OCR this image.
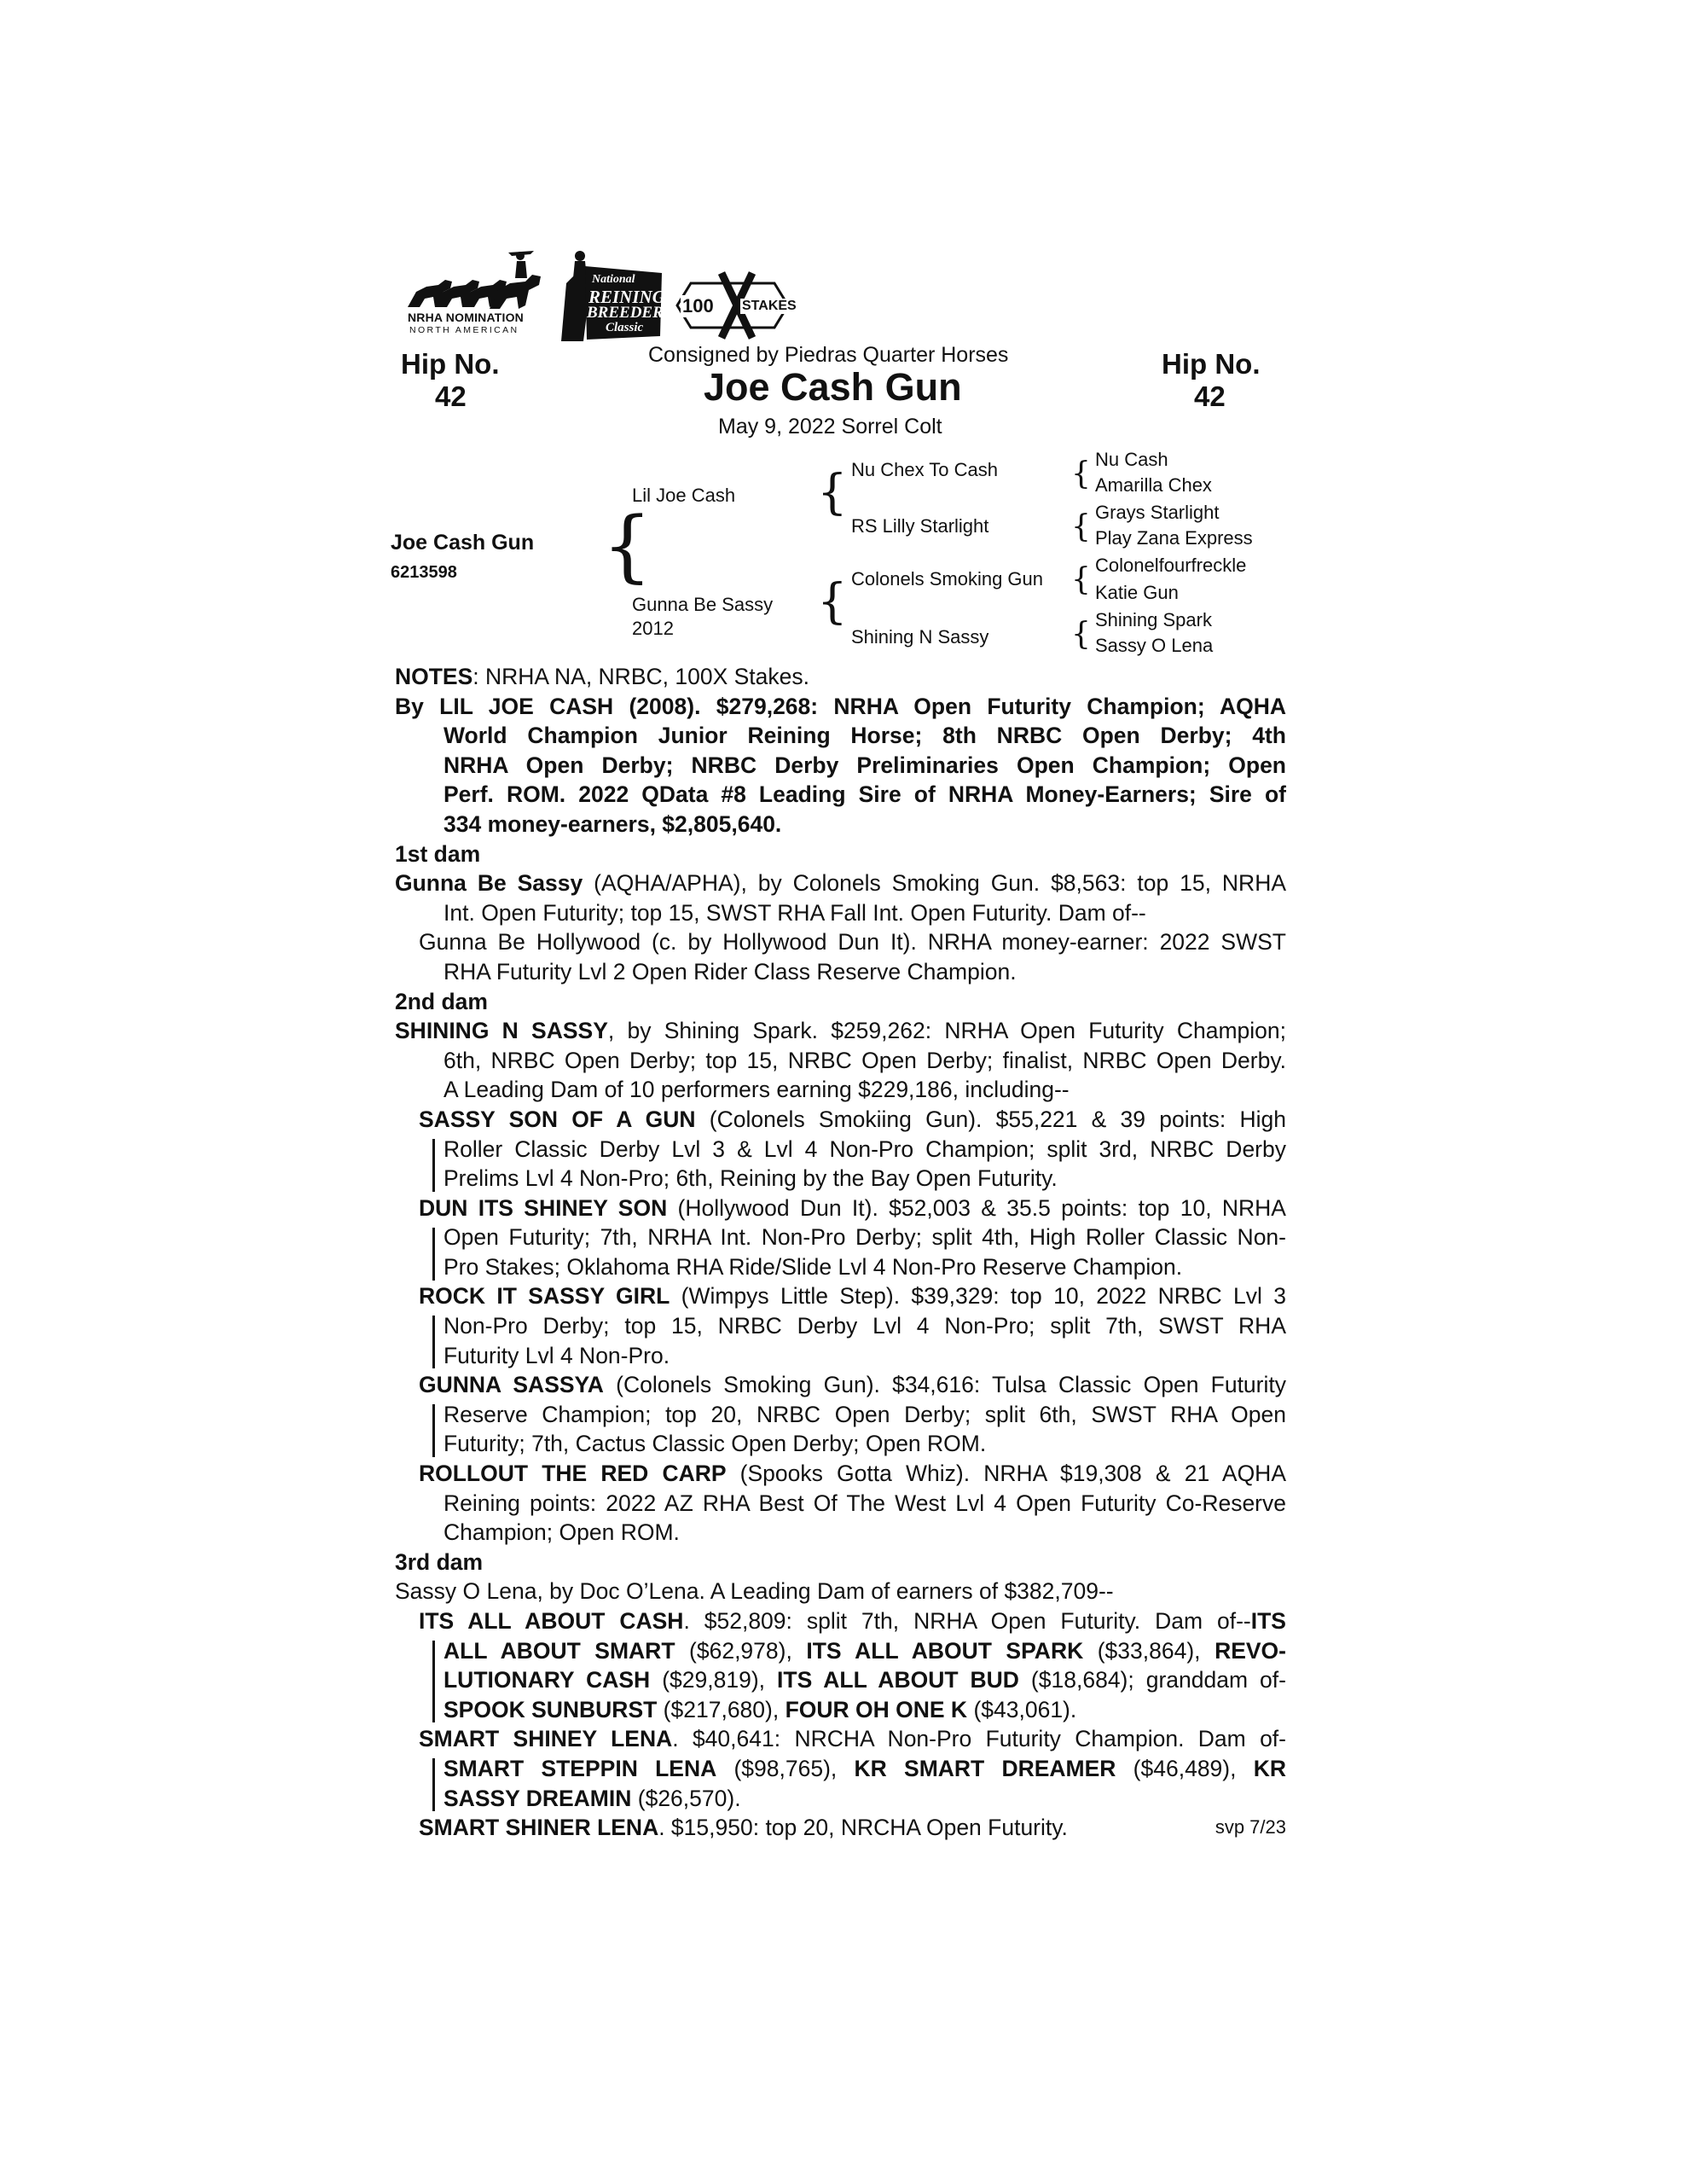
NRHA NOMINATION
NORTH AMERICAN
National
REINING
BREEDERS
Classic
100 STAKES
Hip No.
42
Hip No.
42
Consigned by Piedras Quarter Horses
Joe Cash Gun
May 9, 2022 Sorrel Colt
Joe Cash Gun
6213598 {
Lil Joe Cash
Gunna Be Sassy
2012
{
{
Nu Chex To Cash
RS Lilly Starlight
Colonels Smoking Gun
Shining N Sassy
{
{
{
{
Nu Cash
Amarilla Chex
Grays Starlight
Play Zana Express
Colonelfourfreckle
Katie Gun
Shining Spark
Sassy O Lena
NOTES: NRHA NA, NRBC, 100X Stakes.
By LIL JOE CASH (2008). $279,268: NRHA Open Futurity Champion; AQHA
World Champion Junior Reining Horse; 8th NRBC Open Derby; 4th
NRHA Open Derby; NRBC Derby Preliminaries Open Champion; Open
Perf. ROM. 2022 QData #8 Leading Sire of NRHA Money-Earners; Sire of
334 money-earners, $2,805,640.
1st dam
Gunna Be Sassy (AQHA/APHA), by Colonels Smoking Gun. $8,563: top 15, NRHA
Int. Open Futurity; top 15, SWST RHA Fall Int. Open Futurity. Dam of--
Gunna Be Hollywood (c. by Hollywood Dun It). NRHA money-earner: 2022 SWST
RHA Futurity Lvl 2 Open Rider Class Reserve Champion.
2nd dam
SHINING N SASSY, by Shining Spark. $259,262: NRHA Open Futurity Champion;
6th, NRBC Open Derby; top 15, NRBC Open Derby; finalist, NRBC Open Derby.
A Leading Dam of 10 performers earning $229,186, including--
SASSY SON OF A GUN (Colonels Smokiing Gun). $55,221 & 39 points: High
Roller Classic Derby Lvl 3 & Lvl 4 Non-Pro Champion; split 3rd, NRBC Derby
Prelims Lvl 4 Non-Pro; 6th, Reining by the Bay Open Futurity.
DUN ITS SHINEY SON (Hollywood Dun It). $52,003 & 35.5 points: top 10, NRHA
Open Futurity; 7th, NRHA Int. Non-Pro Derby; split 4th, High Roller Classic Non-
Pro Stakes; Oklahoma RHA Ride/Slide Lvl 4 Non-Pro Reserve Champion.
ROCK IT SASSY GIRL (Wimpys Little Step). $39,329: top 10, 2022 NRBC Lvl 3
Non-Pro Derby; top 15, NRBC Derby Lvl 4 Non-Pro; split 7th, SWST RHA
Futurity Lvl 4 Non-Pro.
GUNNA SASSYA (Colonels Smoking Gun). $34,616: Tulsa Classic Open Futurity
Reserve Champion; top 20, NRBC Open Derby; split 6th, SWST RHA Open
Futurity; 7th, Cactus Classic Open Derby; Open ROM.
ROLLOUT THE RED CARP (Spooks Gotta Whiz). NRHA $19,308 & 21 AQHA
Reining points: 2022 AZ RHA Best Of The West Lvl 4 Open Futurity Co-Reserve
Champion; Open ROM.
3rd dam
Sassy O Lena, by Doc O’Lena. A Leading Dam of earners of $382,709--
ITS ALL ABOUT CASH. $52,809: split 7th, NRHA Open Futurity. Dam of--ITS
ALL ABOUT SMART ($62,978), ITS ALL ABOUT SPARK ($33,864), REVO-
LUTIONARY CASH ($29,819), ITS ALL ABOUT BUD ($18,684); granddam of-
SPOOK SUNBURST ($217,680), FOUR OH ONE K ($43,061).
SMART SHINEY LENA. $40,641: NRCHA Non-Pro Futurity Champion. Dam of-
SMART STEPPIN LENA ($98,765), KR SMART DREAMER ($46,489), KR
SASSY DREAMIN ($26,570).
SMART SHINER LENA. $15,950: top 20, NRCHA Open Futurity.	svp 7/23
